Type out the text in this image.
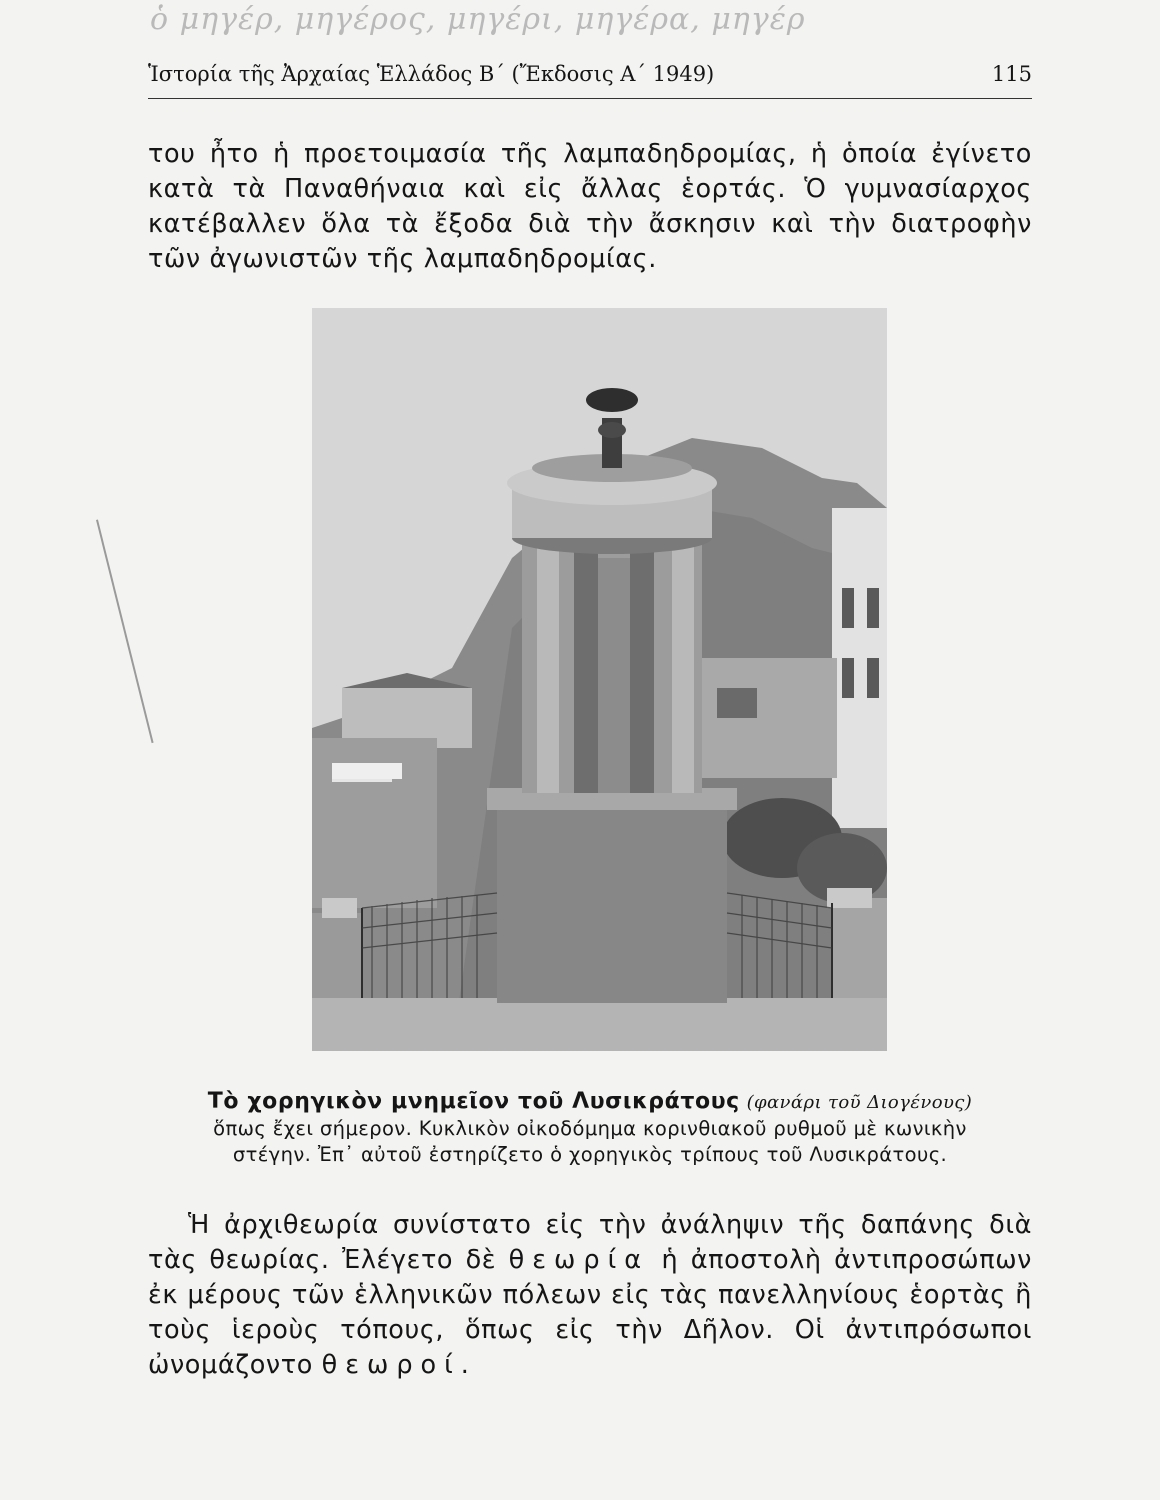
ὁ μηγέρ, μηγέρος, μηγέρι, μηγέρα, μηγέρ
Ἱστορία τῆς Ἀρχαίας Ἑλλάδος Β΄ (Ἔκδοσις Α΄ 1949)	115
του ἦτο ἡ προετοιμασία τῆς λαμπαδηδρομίας, ἡ ὁποία ἐγίνετο κατὰ τὰ Παναθήναια καὶ εἰς ἄλλας ἑορτάς. Ὁ γυμνασίαρχος κατέβαλλεν ὅλα τὰ ἔξοδα διὰ τὴν ἄσκησιν καὶ τὴν διατροφὴν τῶν ἀγωνιστῶν τῆς λαμπαδηδρομίας.
Τὸ χορηγικὸν μνημεῖον τοῦ Λυσικράτους (φανάρι τοῦ Διογένους)
ὅπως ἔχει σήμερον. Κυκλικὸν οἰκοδόμημα κορινθιακοῦ ρυθμοῦ μὲ κωνικὴν στέγην. Ἐπ᾿ αὐτοῦ ἐστηρίζετο ὁ χορηγικὸς τρίπους τοῦ Λυσικράτους.
Ἡ ἀρχιθεωρία συνίστατο εἰς τὴν ἀνάληψιν τῆς δαπάνης διὰ τὰς θεωρίας. Ἐλέγετο δὲ θεωρία ἡ ἀποστολὴ ἀντιπροσώπων ἐκ μέρους τῶν ἑλληνικῶν πόλεων εἰς τὰς πανελληνίους ἑορτὰς ἢ τοὺς ἱεροὺς τόπους, ὅπως εἰς τὴν Δῆλον. Οἱ ἀντιπρόσωποι ὠνομάζοντο θεωροί.
